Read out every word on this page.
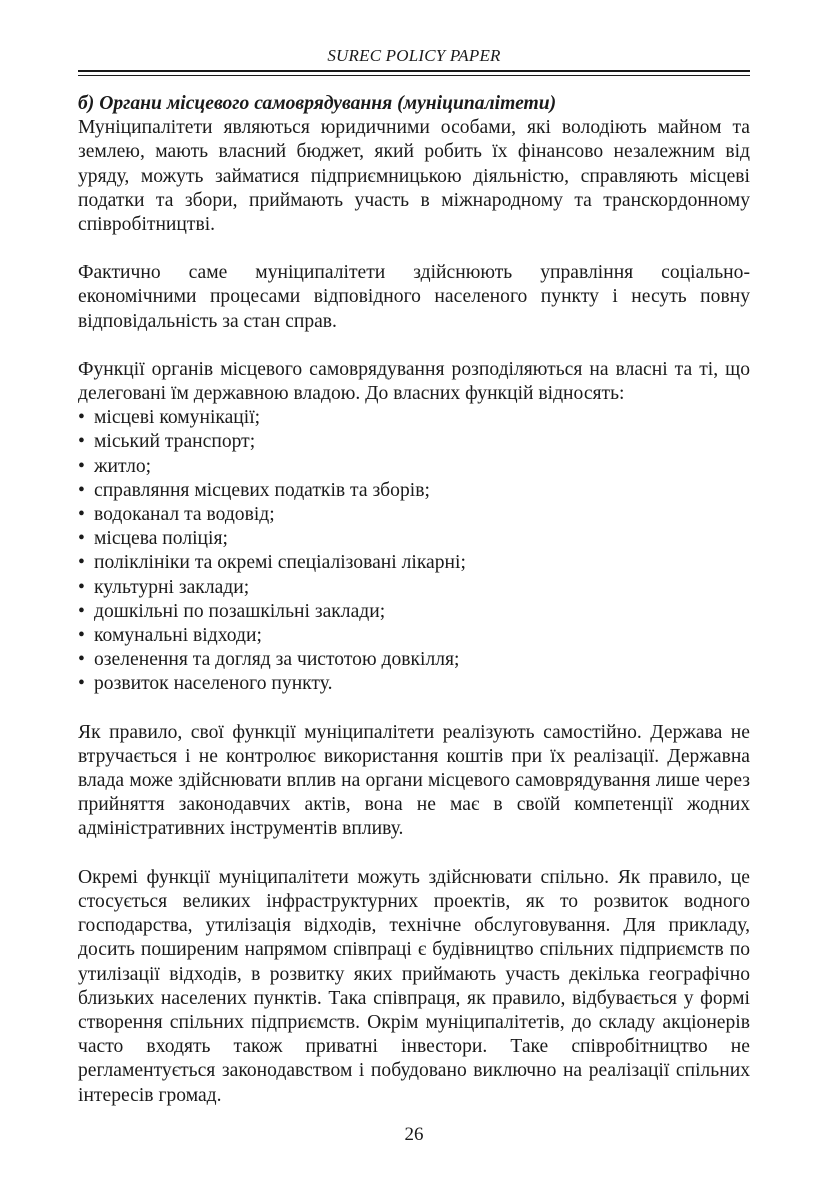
SUREC POLICY PAPER

б) Органи місцевого самоврядування (муніципалітети)

Муніципалітети являються юридичними особами, які володіють майном та землею, мають власний бюджет, який робить їх фінансово незалежним від уряду, можуть займатися підприємницькою діяльністю, справляють місцеві податки та збори, приймають участь в міжнародному та транскордонному співробітництві.

Фактично саме муніципалітети здійснюють управління соціально-економічними процесами відповідного населеного пункту і несуть повну відповідальність за стан справ.

Функції органів місцевого самоврядування розподіляються на власні та ті, що делеговані їм державною владою. До власних функцій відносять:

• місцеві комунікації;
• міський транспорт;
• житло;
• справляння місцевих податків та зборів;
• водоканал та водовід;
• місцева поліція;
• поліклініки та окремі спеціалізовані лікарні;
• культурні заклади;
• дошкільні по позашкільні заклади;
• комунальні відходи;
• озеленення та догляд за чистотою довкілля;
• розвиток населеного пункту.

Як правило, свої функції муніципалітети реалізують самостійно. Держава не втручається і не контролює використання коштів при їх реалізації. Державна влада може здійснювати вплив на органи місцевого самоврядування лише через прийняття законодавчих актів, вона не має в своїй компетенції жодних адміністративних інструментів впливу.

Окремі функції муніципалітети можуть здійснювати спільно. Як правило, це стосується великих інфраструктурних проектів, як то розвиток водного господарства, утилізація відходів, технічне обслуговування. Для прикладу, досить поширеним напрямом співпраці є будівництво спільних підприємств по утилізації відходів, в розвитку яких приймають участь декілька географічно близьких населених пунктів. Така співпраця, як правило, відбувається у формі створення спільних підприємств. Окрім муніципалітетів, до складу акціонерів часто входять також приватні інвестори. Таке співробітництво не регламентується законодавством і побудовано виключно на реалізації спільних інтересів громад.

26
